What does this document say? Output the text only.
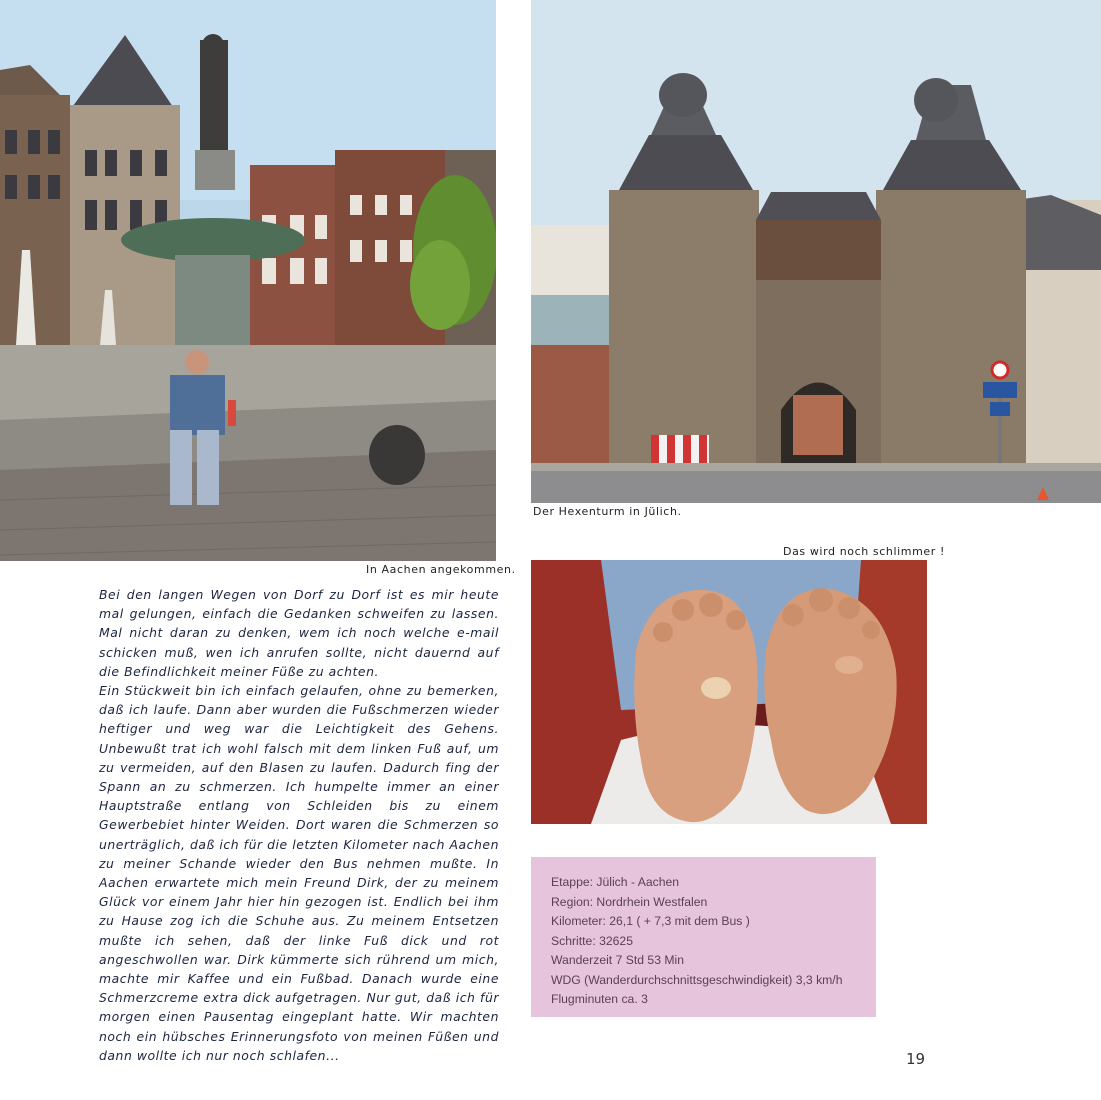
In Aachen angekommen.
Der Hexenturm in Jülich.
Das wird noch schlimmer !

Bei den langen Wegen von Dorf zu Dorf ist es mir heute mal gelungen, einfach die Gedanken schweifen zu lassen. Mal nicht daran zu denken, wem ich noch welche e-mail schicken muß, wen ich anrufen sollte, nicht dauernd auf die Befindlichkeit meiner Füße zu achten.

Ein Stückweit bin ich einfach gelaufen, ohne zu bemerken, daß ich laufe. Dann aber wurden die Fußschmerzen wieder heftiger und weg war die Leichtigkeit des Gehens. Unbewußt trat ich wohl falsch mit dem linken Fuß auf, um zu vermeiden, auf den Blasen zu laufen. Dadurch fing der Spann an zu schmerzen. Ich humpelte immer an einer Hauptstraße entlang von Schleiden bis zu einem Gewerbebiet hinter Weiden. Dort waren die Schmerzen so unerträglich, daß ich für die letzten Kilometer nach Aachen zu meiner Schande wieder den Bus nehmen mußte. In Aachen erwartete mich mein Freund Dirk, der zu meinem Glück vor einem Jahr hier hin gezogen ist. Endlich bei ihm zu Hause zog ich die Schuhe aus. Zu meinem Entsetzen mußte ich sehen, daß der linke Fuß dick und rot angeschwollen war. Dirk kümmerte sich rührend um mich, machte mir Kaffee und ein Fußbad. Danach wurde eine Schmerzcreme extra dick aufgetragen. Nur gut, daß ich für morgen einen Pausentag eingeplant hatte. Wir machten noch ein hübsches Erinnerungsfoto von meinen Füßen und dann wollte ich nur noch schlafen...

Etappe: Jülich - Aachen
Region: Nordrhein Westfalen
Kilometer: 26,1 ( + 7,3 mit dem Bus )
Schritte: 32625
Wanderzeit 7 Std 53 Min
WDG (Wanderdurchschnittsgeschwindigkeit) 3,3 km/h
Flugminuten ca. 3
19
